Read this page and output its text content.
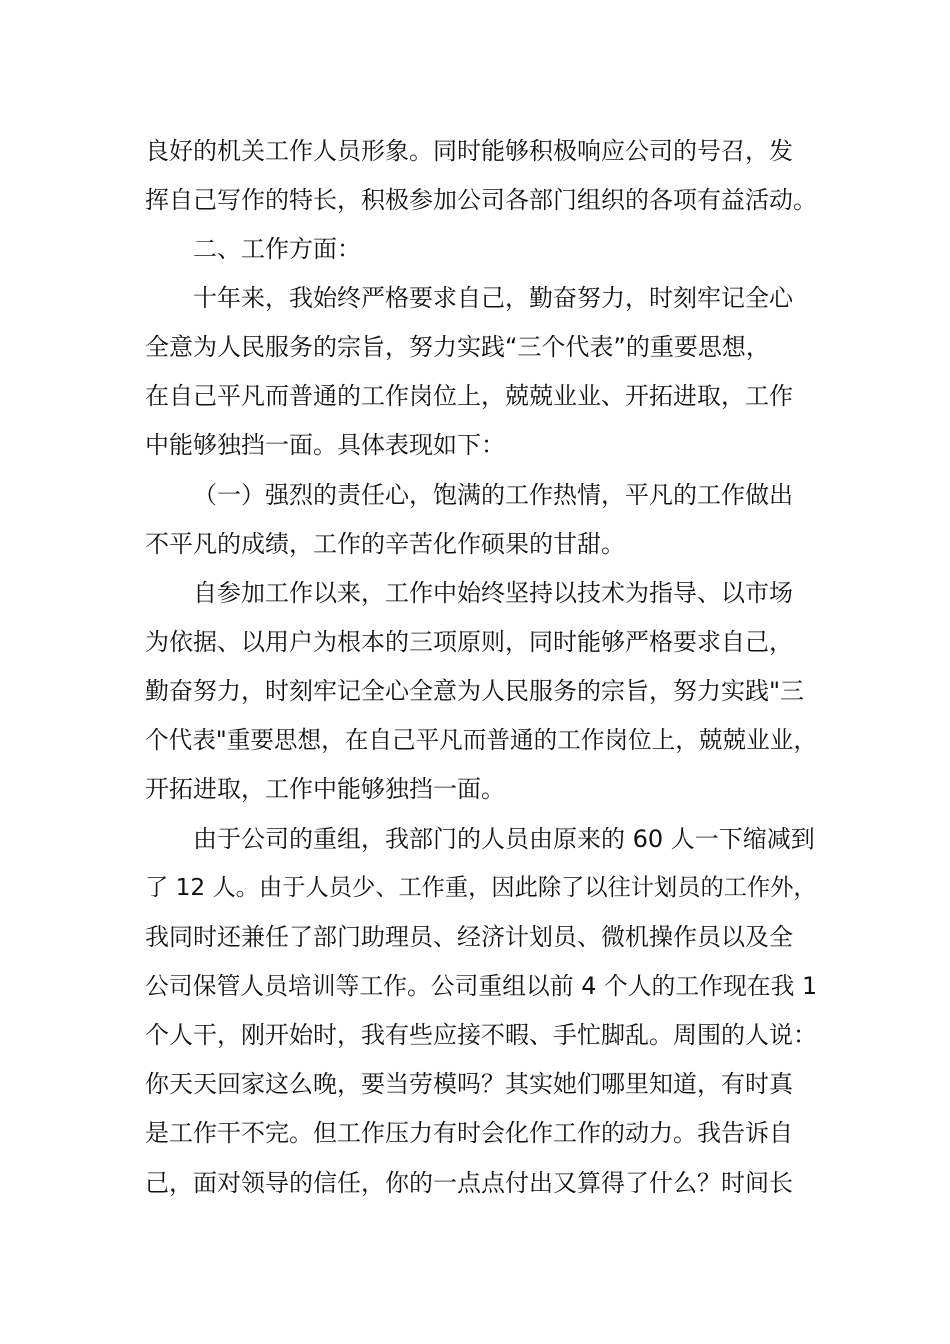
良好的机关工作人员形象。同时能够积极响应公司的号召，发
挥自己写作的特长，积极参加公司各部门组织的各项有益活动。
二、工作方面：
十年来，我始终严格要求自己，勤奋努力，时刻牢记全心
全意为人民服务的宗旨，努力实践“三个代表”的重要思想，
在自己平凡而普通的工作岗位上，兢兢业业、开拓进取，工作
中能够独挡一面。具体表现如下：
（一）强烈的责任心，饱满的工作热情，平凡的工作做出
不平凡的成绩，工作的辛苦化作硕果的甘甜。
自参加工作以来，工作中始终坚持以技术为指导、以市场
为依据、以用户为根本的三项原则，同时能够严格要求自己，
勤奋努力，时刻牢记全心全意为人民服务的宗旨，努力实践"三
个代表"重要思想，在自己平凡而普通的工作岗位上，兢兢业业，
开拓进取，工作中能够独挡一面。
由于公司的重组，我部门的人员由原来的 60 人一下缩减到
了 12 人。由于人员少、工作重，因此除了以往计划员的工作外，
我同时还兼任了部门助理员、经济计划员、微机操作员以及全
公司保管人员培训等工作。公司重组以前 4 个人的工作现在我 1
个人干，刚开始时，我有些应接不暇、手忙脚乱。周围的人说：
你天天回家这么晚，要当劳模吗？其实她们哪里知道，有时真
是工作干不完。但工作压力有时会化作工作的动力。我告诉自
己，面对领导的信任，你的一点点付出又算得了什么？时间长
